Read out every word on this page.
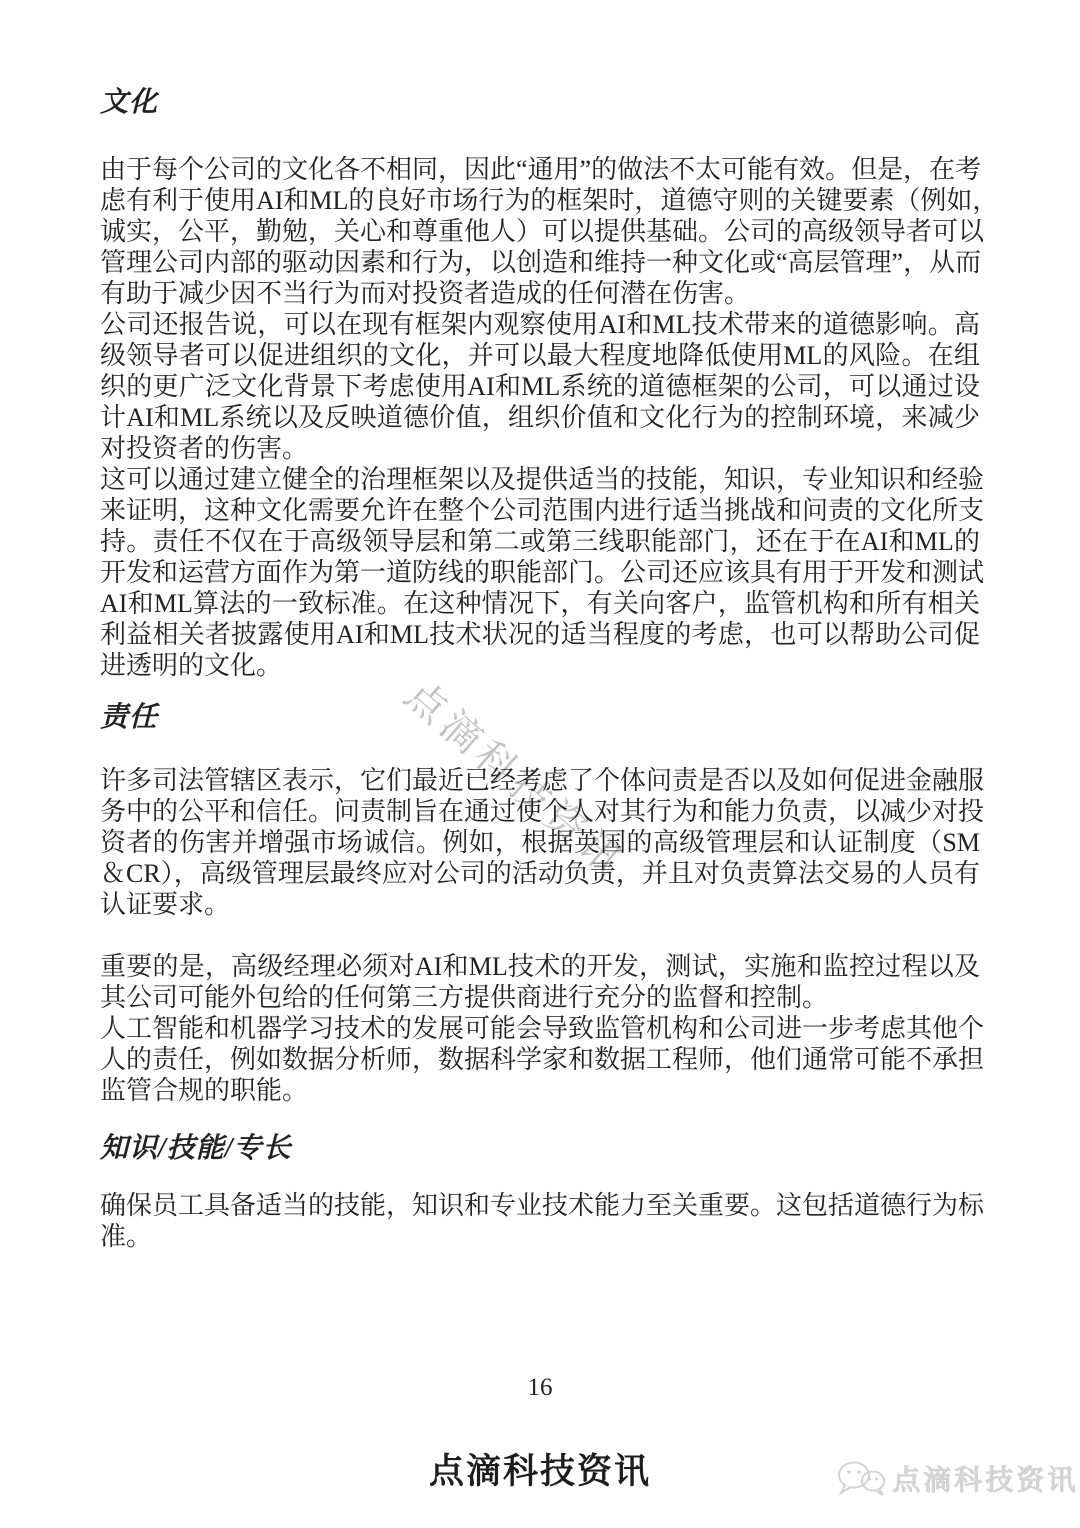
点滴科技资讯
文化
由于每个公司的文化各不相同，因此“通用”的做法不太可能有效。但是，在考
虑有利于使用AI和ML的良好市场行为的框架时，道德守则的关键要素（例如，
诚实，公平，勤勉，关心和尊重他人）可以提供基础。公司的高级领导者可以
管理公司内部的驱动因素和行为，以创造和维持一种文化或“高层管理”，从而
有助于减少因不当行为而对投资者造成的任何潜在伤害。
公司还报告说，可以在现有框架内观察使用AI和ML技术带来的道德影响。高
级领导者可以促进组织的文化，并可以最大程度地降低使用ML的风险。在组
织的更广泛文化背景下考虑使用AI和ML系统的道德框架的公司，可以通过设
计AI和ML系统以及反映道德价值，组织价值和文化行为的控制环境，来减少
对投资者的伤害。
这可以通过建立健全的治理框架以及提供适当的技能，知识，专业知识和经验
来证明，这种文化需要允许在整个公司范围内进行适当挑战和问责的文化所支
持。责任不仅在于高级领导层和第二或第三线职能部门，还在于在AI和ML的
开发和运营方面作为第一道防线的职能部门。公司还应该具有用于开发和测试
AI和ML算法的一致标准。在这种情况下，有关向客户，监管机构和所有相关
利益相关者披露使用AI和ML技术状况的适当程度的考虑，也可以帮助公司促
进透明的文化。
责任
许多司法管辖区表示，它们最近已经考虑了个体问责是否以及如何促进金融服
务中的公平和信任。问责制旨在通过使个人对其行为和能力负责，以减少对投
资者的伤害并增强市场诚信。例如，根据英国的高级管理层和认证制度（SM
＆CR），高级管理层最终应对公司的活动负责，并且对负责算法交易的人员有
认证要求。
重要的是，高级经理必须对AI和ML技术的开发，测试，实施和监控过程以及
其公司可能外包给的任何第三方提供商进行充分的监督和控制。
人工智能和机器学习技术的发展可能会导致监管机构和公司进一步考虑其他个
人的责任，例如数据分析师，数据科学家和数据工程师，他们通常可能不承担
监管合规的职能。
知识/技能/专长
确保员工具备适当的技能，知识和专业技术能力至关重要。这包括道德行为标
准。
16
点滴科技资讯	点滴科技资讯
